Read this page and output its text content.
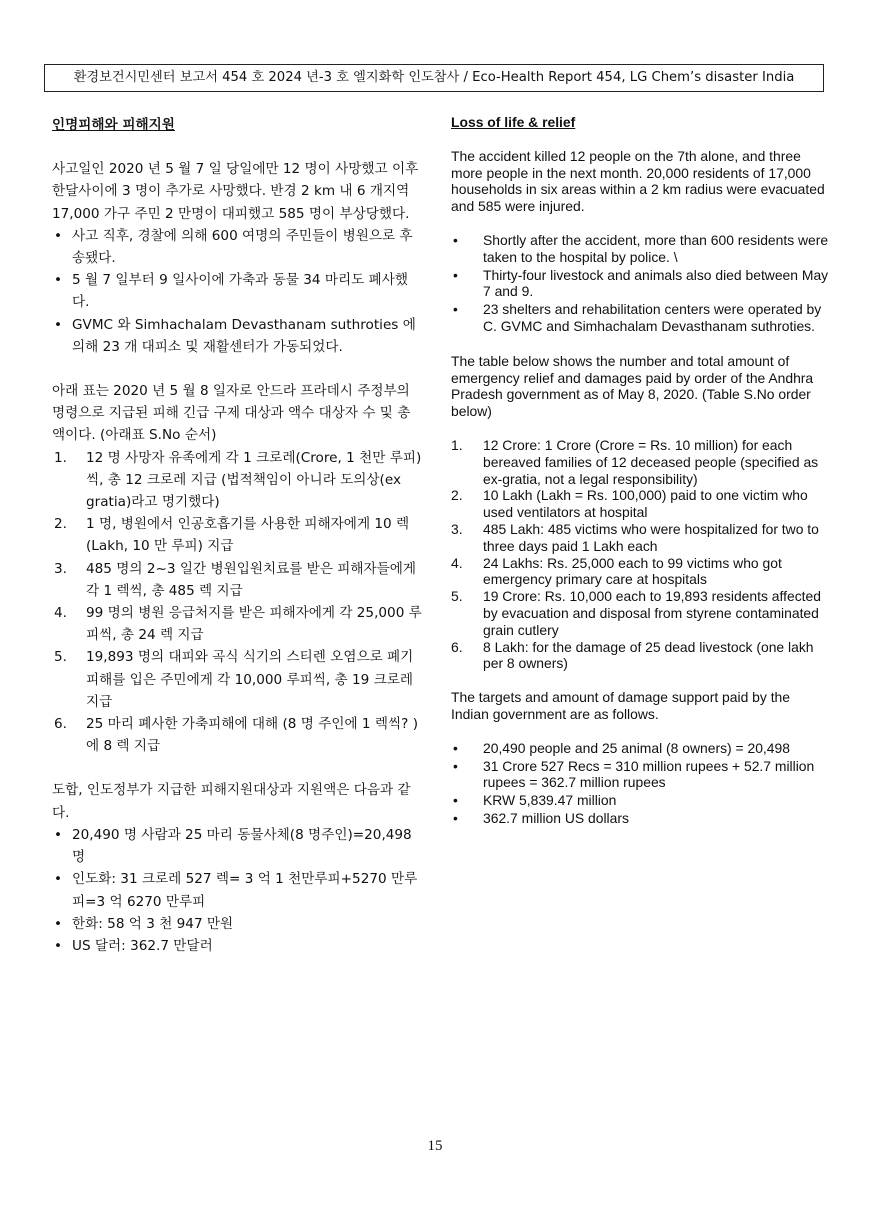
환경보건시민센터 보고서 454 호 2024 년-3 호 엘지화학 인도참사 / Eco-Health Report 454, LG Chem’s disaster India

인명피해와 피해지원

사고일인 2020 년 5 월 7 일 당일에만 12 명이 사망했고 이후 한달사이에 3 명이 추가로 사망했다. 반경 2 km 내 6 개지역 17,000 가구 주민 2 만명이 대피했고 585 명이 부상당했다.

• 사고 직후, 경찰에 의해 600 여명의 주민들이 병원으로 후송됐다.
• 5 월 7 일부터 9 일사이에 가축과 동물 34 마리도 폐사했다.
• GVMC 와 Simhachalam Devasthanam suthroties 에 의해 23 개 대피소 및 재활센터가 가동되었다.

아래 표는 2020 년 5 월 8 일자로 안드라 프라데시 주정부의 명령으로 지급된 피해 긴급 구제 대상과 액수 대상자 수 및 총액이다. (아래표 S.No 순서)

1. 12 명 사망자 유족에게 각 1 크로레(Crore, 1 천만 루피)씩, 총 12 크로레 지급 (법적책임이 아니라 도의상(ex gratia)라고 명기했다)
2. 1 명, 병원에서 인공호흡기를 사용한 피해자에게 10 렉(Lakh, 10 만 루피) 지급
3. 485 명의 2~3 일간 병원입원치료를 받은 피해자들에게 각 1 렉씩, 총 485 렉 지급
4. 99 명의 병원 응급처지를 받은 피해자에게 각 25,000 루피씩, 총 24 렉 지급
5. 19,893 명의 대피와 곡식 식기의 스티렌 오염으로 폐기 피해를 입은 주민에게 각 10,000 루피씩, 총 19 크로레 지급
6. 25 마리 폐사한 가축피해에 대해 (8 명 주인에 1 렉씩? )에 8 렉 지급

도합, 인도정부가 지급한 피해지원대상과 지원액은 다음과 같다.

• 20,490 명 사람과 25 마리 동물사체(8 명주인)=20,498 명
• 인도화: 31 크로레 527 렉= 3 억 1 천만루피+5270 만루피=3 억 6270 만루피
• 한화: 58 억 3 천 947 만원
• US 달러: 362.7 만달러

Loss of life & relief

The accident killed 12 people on the 7th alone, and three more people in the next month. 20,000 residents of 17,000 households in six areas within a 2 km radius were evacuated and 585 were injured.

• Shortly after the accident, more than 600 residents were taken to the hospital by police. \
• Thirty-four livestock and animals also died between May 7 and 9.
• 23 shelters and rehabilitation centers were operated by C. GVMC and Simhachalam Devasthanam suthroties.

The table below shows the number and total amount of emergency relief and damages paid by order of the Andhra Pradesh government as of May 8, 2020. (Table S.No order below)

1. 12 Crore: 1 Crore (Crore = Rs. 10 million) for each bereaved families of 12 deceased people (specified as ex-gratia, not a legal responsibility)
2. 10 Lakh (Lakh = Rs. 100,000) paid to one victim who used ventilators at hospital
3. 485 Lakh: 485 victims who were hospitalized for two to three days paid 1 Lakh each
4. 24 Lakhs: Rs. 25,000 each to 99 victims who got emergency primary care at hospitals
5. 19 Crore: Rs. 10,000 each to 19,893 residents affected by evacuation and disposal from styrene contaminated grain cutlery
6. 8 Lakh: for the damage of 25 dead livestock (one lakh per 8 owners)

The targets and amount of damage support paid by the Indian government are as follows.

• 20,490 people and 25 animal (8 owners) = 20,498
• 31 Crore 527 Recs = 310 million rupees + 52.7 million rupees = 362.7 million rupees
• KRW 5,839.47 million
• 362.7 million US dollars
15
